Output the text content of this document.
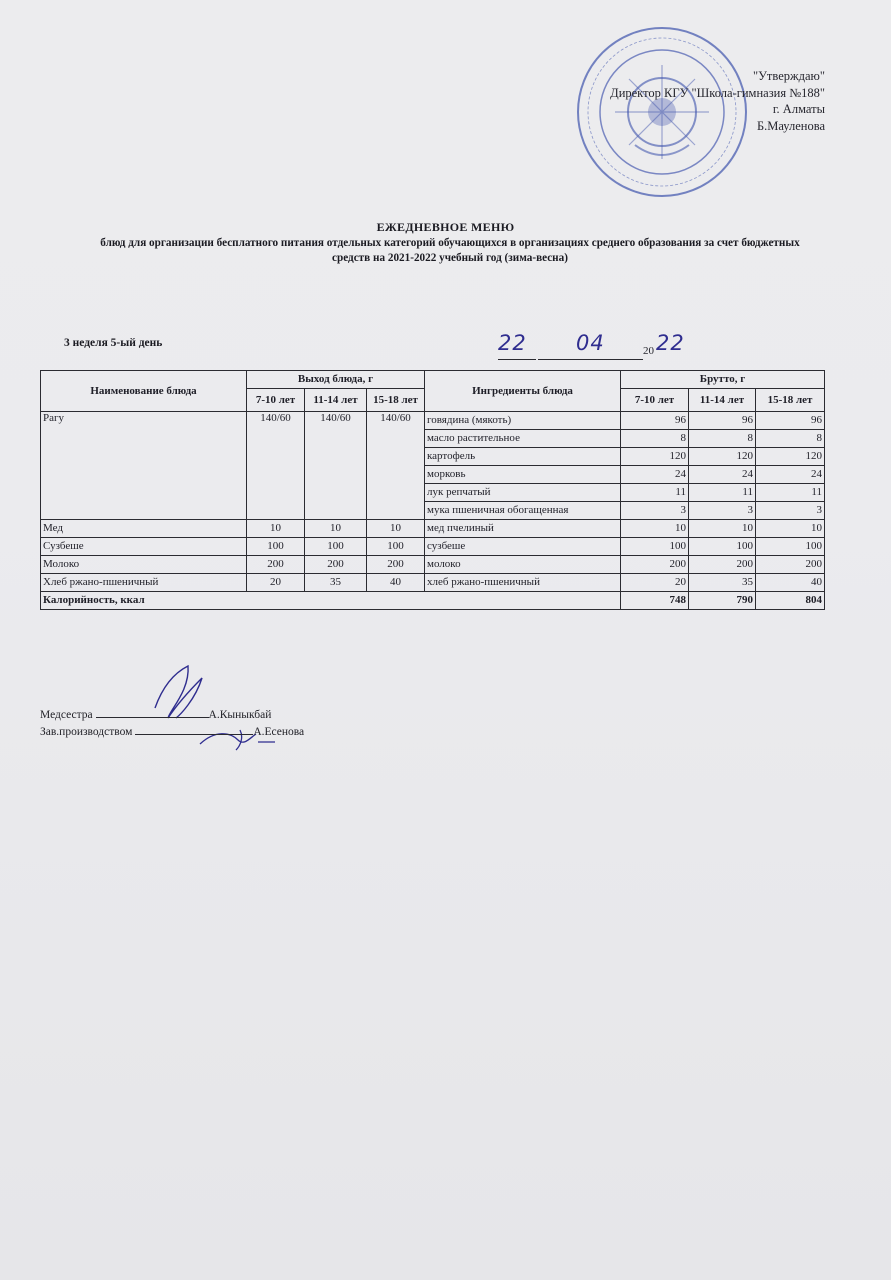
"Утверждаю"
Директор КГУ "Школа-гимназия №188"
г. Алматы
Б.Мауленова
ЕЖЕДНЕВНОЕ МЕНЮ
блюд для организации бесплатного питания отдельных категорий обучающихся в организациях среднего образования за счет бюджетных средств на 2021-2022 учебный год (зима-весна)
3 неделя 5-ый день	22 04	20 22
Наименование блюда	Выход блюда, г			Ингредиенты блюда	Брутто, г		
	7-10 лет	11-14 лет	15-18 лет		7-10 лет	11-14 лет	15-18 лет
Рагу	140/60	140/60	140/60	говядина (мякоть)	96	96	96
				масло растительное	8	8	8
				картофель	120	120	120
				морковь	24	24	24
				лук репчатый	11	11	11
				мука пшеничная обогащенная	3	3	3
Мед	10	10	10	мед пчелиный	10	10	10
Сузбеше	100	100	100	сузбеше	100	100	100
Молоко	200	200	200	молоко	200	200	200
Хлеб ржано-пшеничный	20	35	40	хлеб ржано-пшеничный	20	35	40
Калорийность, ккал					748	790	804
Медсестра	А.Кыныкбай
Зав.производством	А.Есенова
